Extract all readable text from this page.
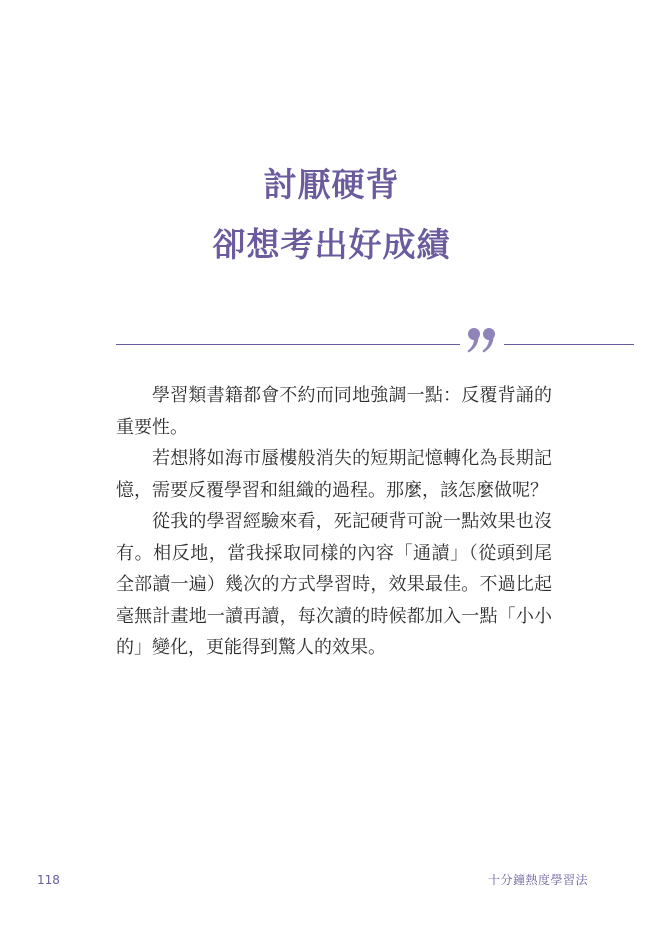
討厭硬背
卻想考出好成績

學習類書籍都會不約而同地強調一點：反覆背誦的重要性。

若想將如海市蜃樓般消失的短期記憶轉化為長期記憶，需要反覆學習和組織的過程。那麼，該怎麼做呢？

從我的學習經驗來看，死記硬背可說一點效果也沒有。相反地，當我採取同樣的內容「通讀」（從頭到尾全部讀一遍）幾次的方式學習時，效果最佳。不過比起毫無計畫地一讀再讀，每次讀的時候都加入一點「小小的」變化，更能得到驚人的效果。

118	十分鐘熱度學習法
